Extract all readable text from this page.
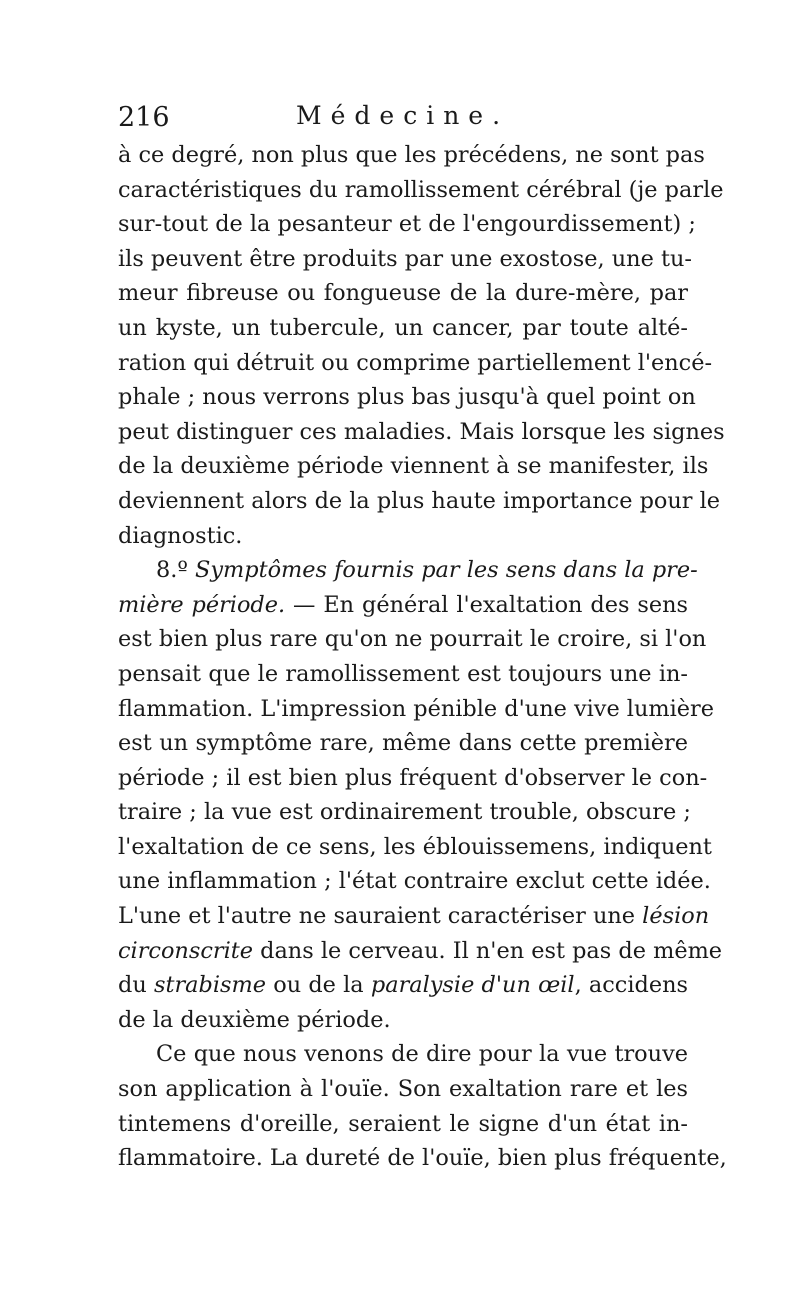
216	Médecine.
à ce degré, non plus que les précédens, ne sont pas
caractéristiques du ramollissement cérébral (je parle
sur-tout de la pesanteur et de l'engourdissement) ;
ils peuvent être produits par une exostose, une tu-
meur fibreuse ou fongueuse de la dure-mère, par
un kyste, un tubercule, un cancer, par toute alté-
ration qui détruit ou comprime partiellement l'encé-
phale ; nous verrons plus bas jusqu'à quel point on
peut distinguer ces maladies. Mais lorsque les signes
de la deuxième période viennent à se manifester, ils
deviennent alors de la plus haute importance pour le
diagnostic.
8.º Symptômes fournis par les sens dans la pre-
mière période. — En général l'exaltation des sens
est bien plus rare qu'on ne pourrait le croire, si l'on
pensait que le ramollissement est toujours une in-
flammation. L'impression pénible d'une vive lumière
est un symptôme rare, même dans cette première
période ; il est bien plus fréquent d'observer le con-
traire ; la vue est ordinairement trouble, obscure ;
l'exaltation de ce sens, les éblouissemens, indiquent
une inflammation ; l'état contraire exclut cette idée.
L'une et l'autre ne sauraient caractériser une lésion
circonscrite dans le cerveau. Il n'en est pas de même
du strabisme ou de la paralysie d'un œil, accidens
de la deuxième période.
Ce que nous venons de dire pour la vue trouve
son application à l'ouïe. Son exaltation rare et les
tintemens d'oreille, seraient le signe d'un état in-
flammatoire. La dureté de l'ouïe, bien plus fréquente,
